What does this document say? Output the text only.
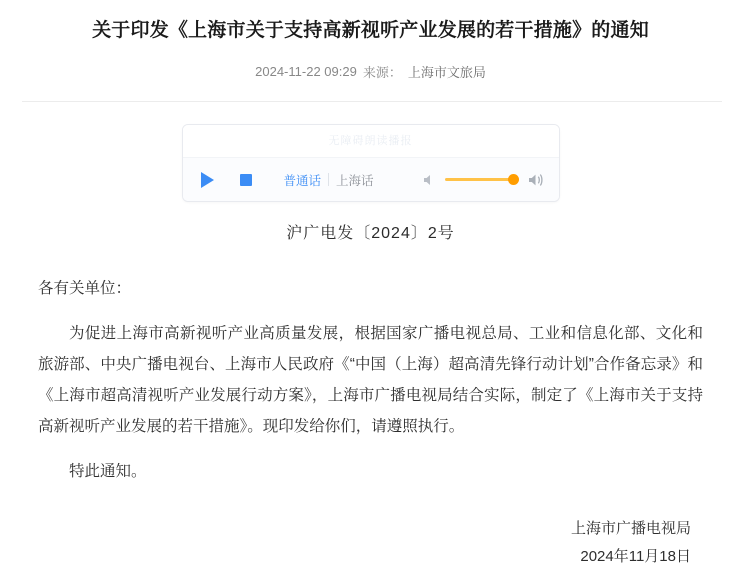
关于印发《上海市关于支持高新视听产业发展的若干措施》的通知
2024-11-22 09:29 来源： 上海市文旅局
无障碍朗读播报
普通话	上海话
沪广电发〔2024〕2号

各有关单位：

为促进上海市高新视听产业高质量发展，根据国家广播电视总局、工业和信息化部、文化和旅游部、中央广播电视台、上海市人民政府《“中国（上海）超高清先锋行动计划”合作备忘录》和《上海市超高清视听产业发展行动方案》，上海市广播电视局结合实际，制定了《上海市关于支持高新视听产业发展的若干措施》。现印发给你们，请遵照执行。

特此通知。

上海市广播电视局
2024年11月18日
